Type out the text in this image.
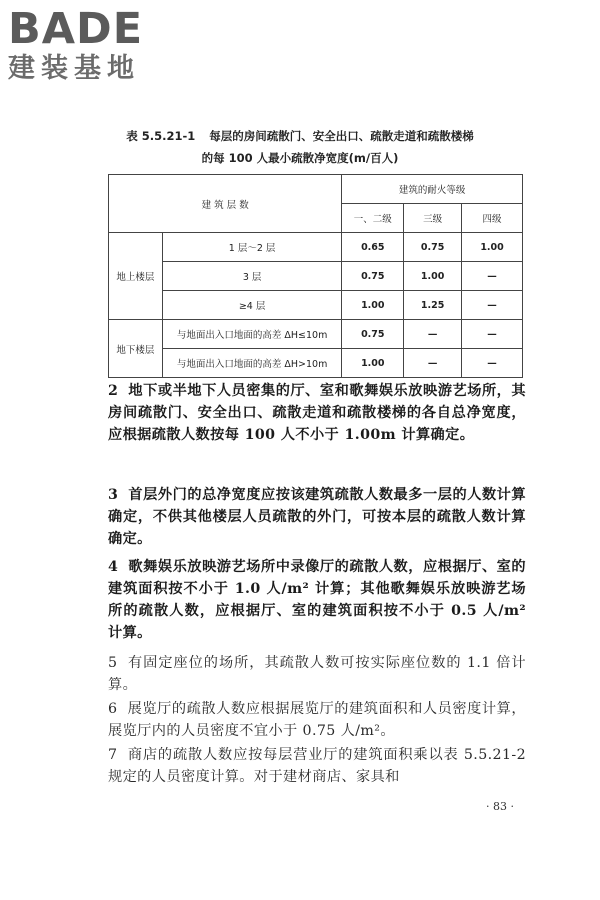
BADE
建装基地
表 5.5.21-1 每层的房间疏散门、安全出口、疏散走道和疏散楼梯
的每 100 人最小疏散净宽度(m/百人)
建 筑 层 数		建筑的耐火等级		
		一、二级	三级	四级
地上楼层	1 层～2 层	0.65	0.75	1.00
	3 层	0.75	1.00	—
	≥4 层	1.00	1.25	—
地下楼层	与地面出入口地面的高差 ΔH≤10m	0.75	—	—
	与地面出入口地面的高差 ΔH>10m	1.00	—	—

2 地下或半地下人员密集的厅、室和歌舞娱乐放映游艺场所，其房间疏散门、安全出口、疏散走道和疏散楼梯的各自总净宽度，应根据疏散人数按每 100 人不小于 1.00m 计算确定。

3 首层外门的总净宽度应按该建筑疏散人数最多一层的人数计算确定，不供其他楼层人员疏散的外门，可按本层的疏散人数计算确定。

4 歌舞娱乐放映游艺场所中录像厅的疏散人数，应根据厅、室的建筑面积按不小于 1.0 人/m² 计算；其他歌舞娱乐放映游艺场所的疏散人数，应根据厅、室的建筑面积按不小于 0.5 人/m² 计算。

5 有固定座位的场所，其疏散人数可按实际座位数的 1.1 倍计算。

6 展览厅的疏散人数应根据展览厅的建筑面积和人员密度计算，展览厅内的人员密度不宜小于 0.75 人/m²。

7 商店的疏散人数应按每层营业厅的建筑面积乘以表 5.5.21-2 规定的人员密度计算。对于建材商店、家具和

· 83 ·
